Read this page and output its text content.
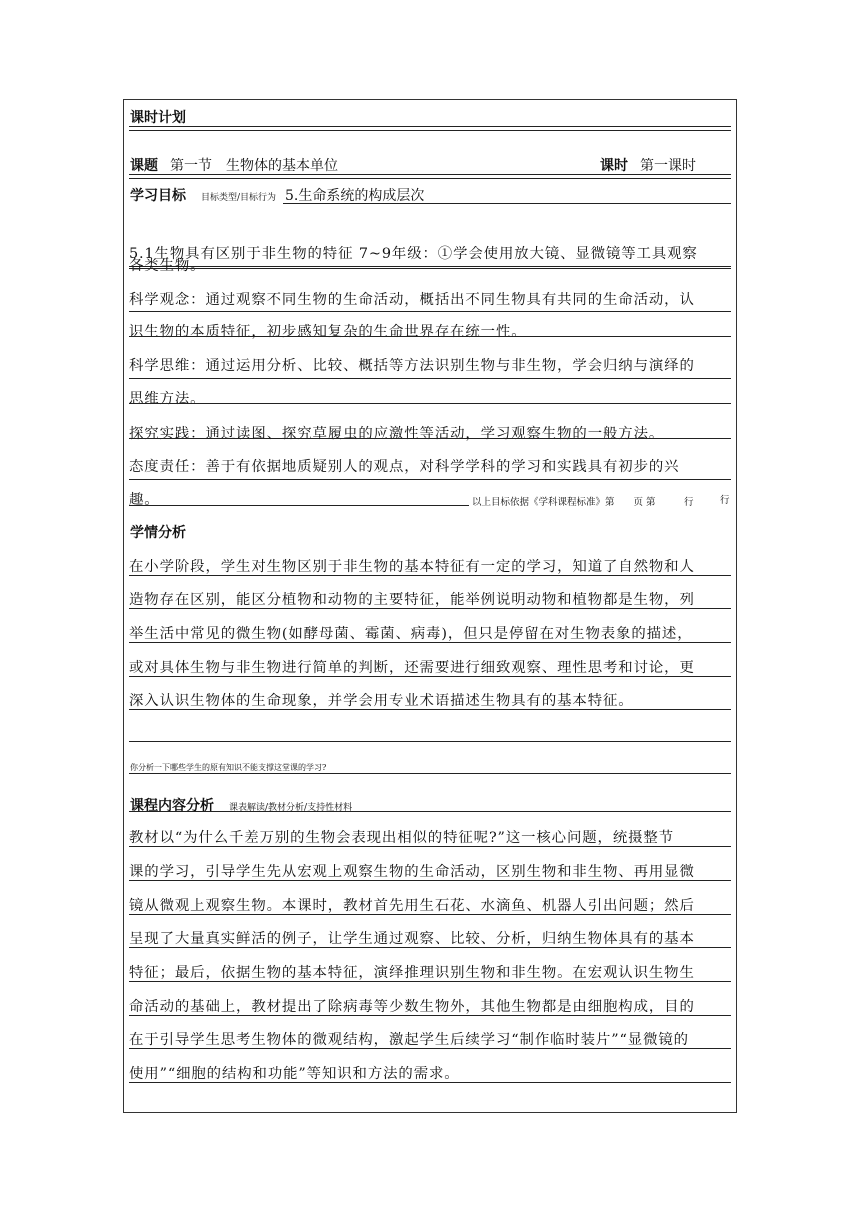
课时计划
课题 第一节　生物体的基本单位	课时 第一课时
学习目标 目标类型/目标行为 5.生命系统的构成层次
5.1生物具有区别于非生物的特征 7~9年级：①学会使用放大镜、显微镜等工具观察
各类生物。
科学观念：通过观察不同生物的生命活动，概括出不同生物具有共同的生命活动，认
识生物的本质特征，初步感知复杂的生命世界存在统一性。
科学思维：通过运用分析、比较、概括等方法识别生物与非生物，学会归纳与演绎的
思维方法。
探究实践：通过读图、探究草履虫的应激性等活动，学习观察生物的一般方法。
态度责任：善于有依据地质疑别人的观点，对科学学科的学习和实践具有初步的兴
趣。	以上目标依据《学科课程标准》第　　页 第　　　行	行
学情分析
在小学阶段，学生对生物区别于非生物的基本特征有一定的学习，知道了自然物和人
造物存在区别，能区分植物和动物的主要特征，能举例说明动物和植物都是生物，列
举生活中常见的微生物(如酵母菌、霉菌、病毒)，但只是停留在对生物表象的描述，
或对具体生物与非生物进行简单的判断，还需要进行细致观察、理性思考和讨论，更
深入认识生物体的生命现象，并学会用专业术语描述生物具有的基本特征。
你分析一下哪些学生的原有知识不能支撑这堂课的学习?
课程内容分析 课表解读/教材分析/支持性材料
教材以“为什么千差万别的生物会表现出相似的特征呢?”这一核心问题，统摄整节
课的学习，引导学生先从宏观上观察生物的生命活动，区别生物和非生物、再用显微
镜从微观上观察生物。本课时，教材首先用生石花、水滴鱼、机器人引出问题；然后
呈现了大量真实鲜活的例子，让学生通过观察、比较、分析，归纳生物体具有的基本
特征；最后，依据生物的基本特征，演绎推理识别生物和非生物。在宏观认识生物生
命活动的基础上，教材提出了除病毒等少数生物外，其他生物都是由细胞构成，目的
在于引导学生思考生物体的微观结构，激起学生后续学习“制作临时装片”“显微镜的
使用”“细胞的结构和功能”等知识和方法的需求。
